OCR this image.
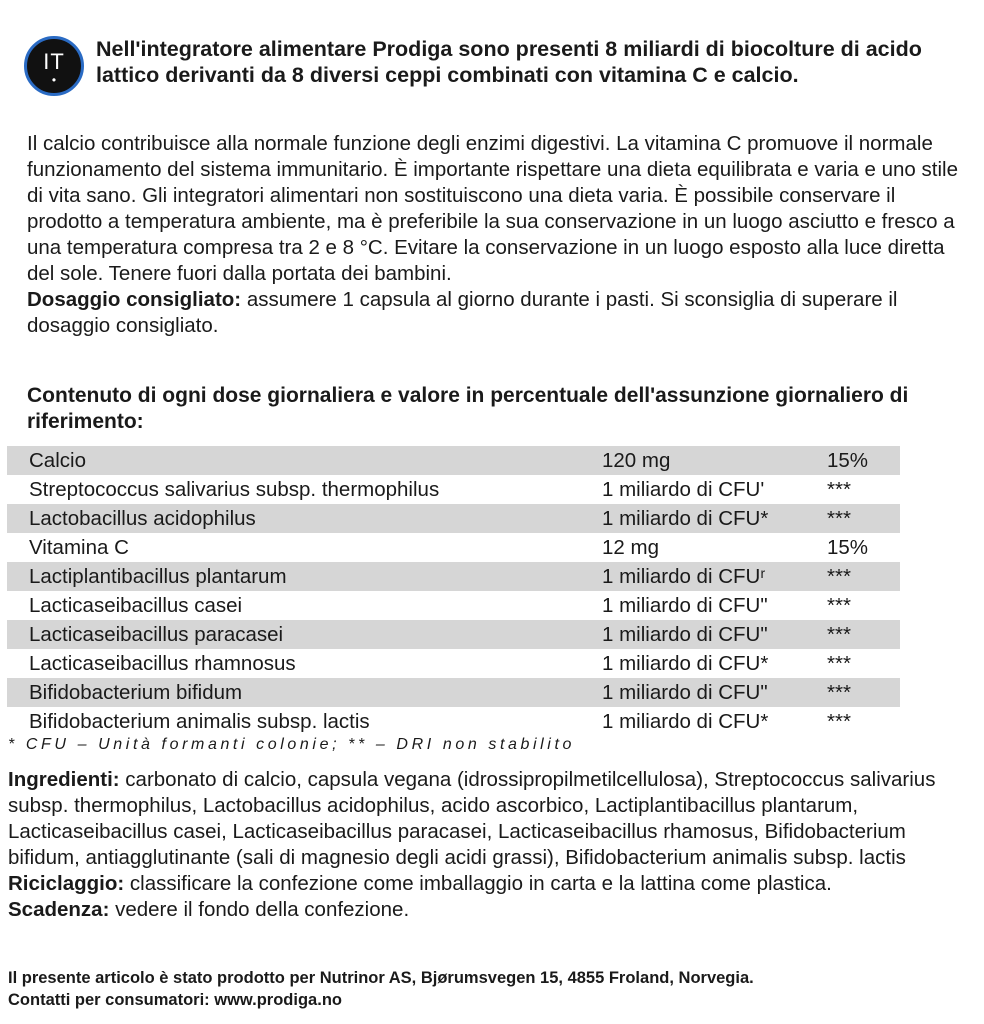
IT
•
Nell'integratore alimentare Prodiga sono presenti 8 miliardi di biocolture di acido lattico derivanti da 8 diversi ceppi combinati con vitamina C e calcio.

Il calcio contribuisce alla normale funzione degli enzimi digestivi. La vitamina C promuove il normale funzionamento del sistema immunitario. È importante rispettare una dieta equilibrata e varia e uno stile di vita sano. Gli integratori alimentari non sostituiscono una dieta varia. È possibile conservare il prodotto a temperatura ambiente, ma è preferibile la sua conservazione in un luogo asciutto e fresco a una temperatura compresa tra 2 e 8 °C. Evitare la conservazione in un luogo esposto alla luce diretta del sole. Tenere fuori dalla portata dei bambini.

Dosaggio consigliato: assumere 1 capsula al giorno durante i pasti. Si sconsiglia di superare il dosaggio consigliato.

Contenuto di ogni dose giornaliera e valore in percentuale dell'assunzione giornaliero di riferimento:
Calcio	120 mg	15%
Streptococcus salivarius subsp. thermophilus	1 miliardo di CFU'	***
Lactobacillus acidophilus	1 miliardo di CFU*	***
Vitamina C	12 mg	15%
Lactiplantibacillus plantarum	1 miliardo di CFUʳ	***
Lacticaseibacillus casei	1 miliardo di CFU"	***
Lacticaseibacillus paracasei	1 miliardo di CFU"	***
Lacticaseibacillus rhamnosus	1 miliardo di CFU*	***
Bifidobacterium bifidum	1 miliardo di CFU"	***
Bifidobacterium animalis subsp. lactis	1 miliardo di CFU*	***
* CFU – Unità formanti colonie; ** – DRI non stabilito

Ingredienti: carbonato di calcio, capsula vegana (idrossipropilmetilcellulosa), Streptococcus salivarius subsp. thermophilus, Lactobacillus acidophilus, acido ascorbico, Lactiplantibacillus plantarum, Lacticaseibacillus casei, Lacticaseibacillus paracasei, Lacticaseibacillus rhamosus, Bifidobacterium bifidum, antiagglutinante (sali di magnesio degli acidi grassi), Bifidobacterium animalis subsp. lactis

Riciclaggio: classificare la confezione come imballaggio in carta e la lattina come plastica.

Scadenza: vedere il fondo della confezione.

Il presente articolo è stato prodotto per Nutrinor AS, Bjørumsvegen 15, 4855 Froland, Norvegia.

Contatti per consumatori: www.prodiga.no
